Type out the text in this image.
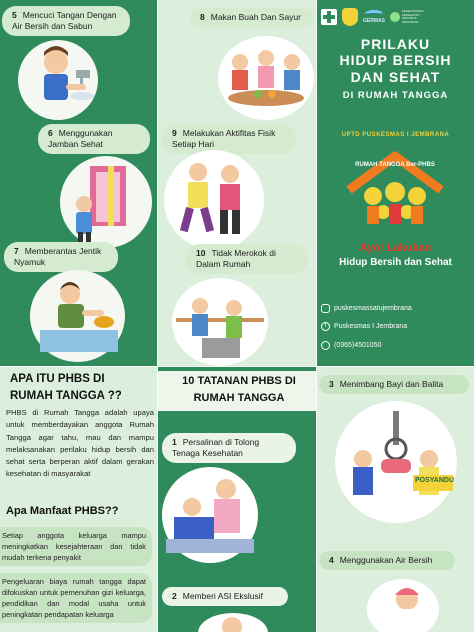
5 Mencuci Tangan Dengan Air Bersih dan Sabun
6 Menggunakan Jamban Sehat
7 Memberantas Jentik Nyamuk
8 Makan Buah Dan Sayur
9 Melakukan Aktifitas Fisik Setiap Hari
10 Tidak Merokok di Dalam Rumah
GERMAS
KEMENTERIAN KESEHATAN REPUBLIK INDONESIA
PRILAKU
HIDUP BERSIH
DAN SEHAT
DI RUMAH TANGGA
UPTD PUSKESMAS I JEMBRANA
RUMAH TANGGA Ber-PHBS
Ayo! Lakukan
Hidup Bersih dan Sehat
puskesmassatujembrana
f	Puskesmas I Jembrana
(0365)4501050
APA ITU PHBS DI RUMAH TANGGA ??
PHBS di Rumah Tangga adalah upaya untuk memberdayakan anggota Rumah Tangga agar tahu, mau dan mampu melaksanakan perilaku hidup bersih dan sehat serta berperan aktif dalam gerakan kesehatan di masyarakat
Apa Manfaat PHBS??
Setiap anggota keluarga mampu meningkatkan kesejahteraan dan tidak mudah terkena penyakit
Pengeluaran biaya rumah tangga dapat difokuskan untuk pemenuhan gizi keluarga, pendidikan dan modal usaha untuk peningkatan pendapatan keluarga
10 TATANAN PHBS DI RUMAH TANGGA
1 Persalinan di Tolong Tenaga Kesehatan
2 Memberi ASI Ekslusif
3 Menimbang Bayi dan Balita
POSYANDU
4 Menggunakan Air Bersih
